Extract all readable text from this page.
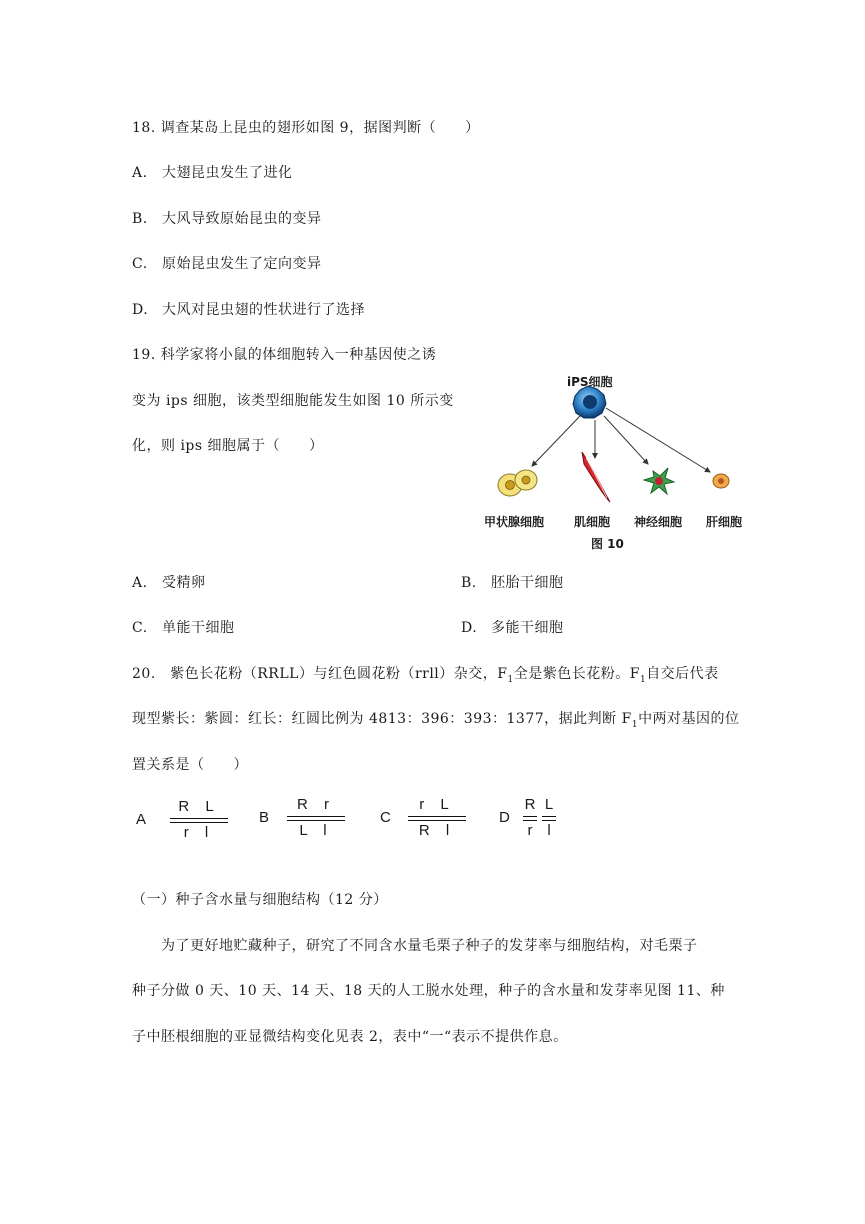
18. 调查某岛上昆虫的翅形如图 9，据图判断（　　）
A. 大翅昆虫发生了进化
B. 大风导致原始昆虫的变异
C. 原始昆虫发生了定向变异
D. 大风对昆虫翅的性状进行了选择
19. 科学家将小鼠的体细胞转入一种基因使之诱
变为 ips 细胞，该类型细胞能发生如图 10 所示变
化，则 ips 细胞属于（　　）
iPS细胞
甲状腺细胞 肌细胞 神经细胞 肝细胞
图 10
A. 受精卵	B. 胚胎干细胞
C. 单能干细胞	D. 多能干细胞
20.　紫色长花粉（RRLL）与红色圆花粉（rrll）杂交，$F_1$全是紫色长花粉。$F_1$自交后代表
现型紫长：紫圆：红长：红圆比例为 4813：396：393：1377，据此判断 $F_1$中两对基因的位
置关系是（　　）
A
R L
r l
B
R r
L l
C
r L
R l
D
R
r
L
l
（一）种子含水量与细胞结构（12 分）
　　为了更好地贮藏种子，研究了不同含水量毛栗子种子的发芽率与细胞结构，对毛栗子
种子分做 0 天、10 天、14 天、18 天的人工脱水处理，种子的含水量和发芽率见图 11、种
子中胚根细胞的亚显微结构变化见表 2，表中“一“表示不提供作息。
